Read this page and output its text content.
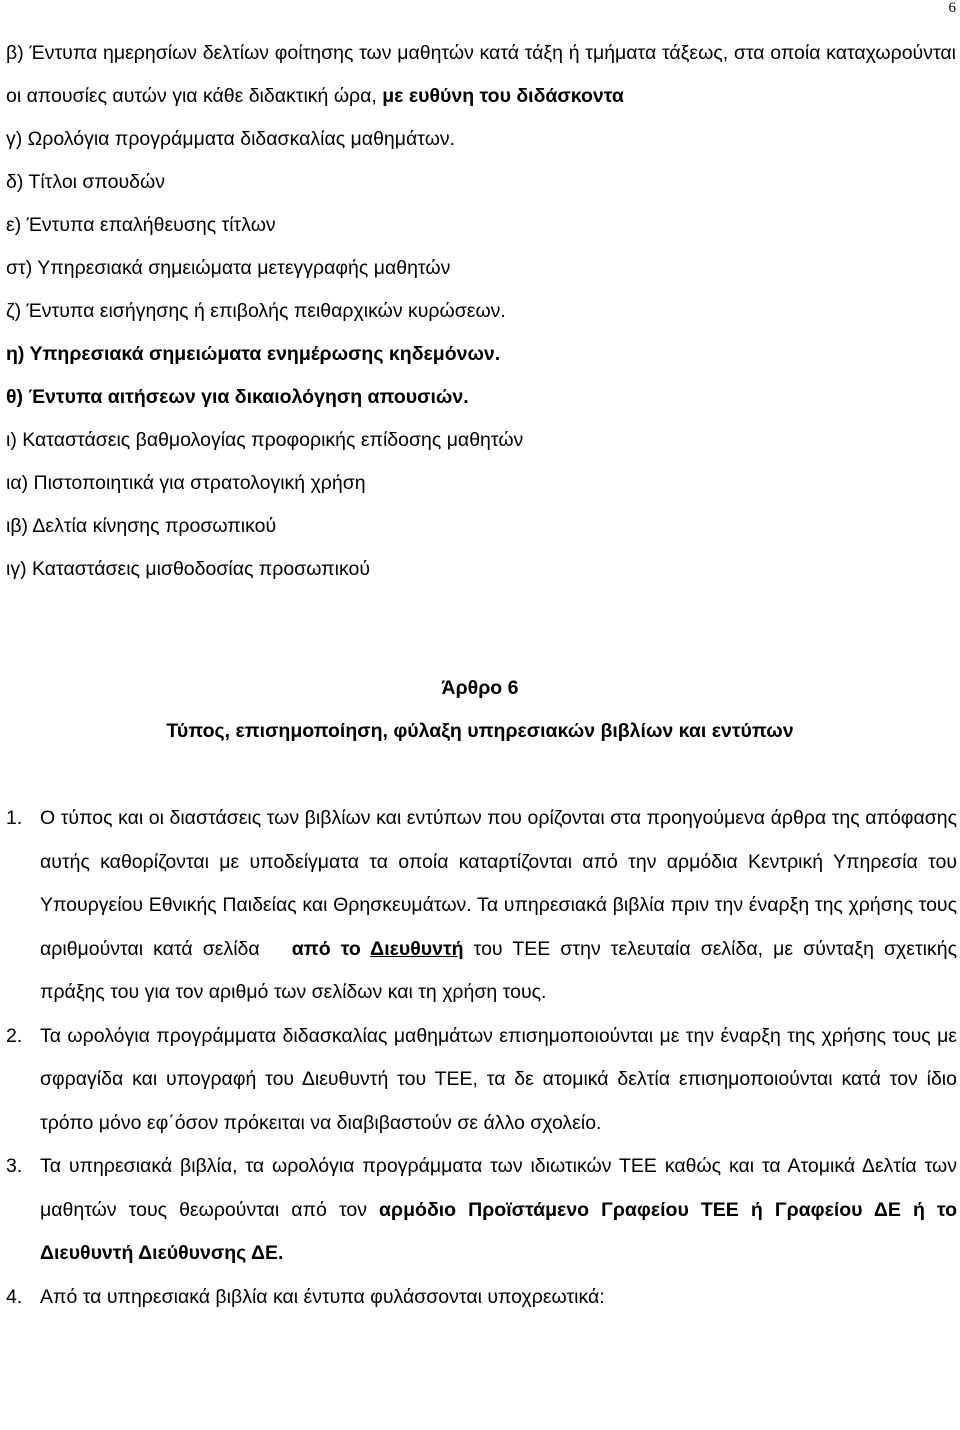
6
β) Έντυπα ημερησίων δελτίων φοίτησης των μαθητών κατά τάξη ή τμήματα τάξεως, στα οποία καταχωρούνται οι απουσίες αυτών για κάθε διδακτική ώρα, με ευθύνη του διδάσκοντα
γ) Ωρολόγια προγράμματα διδασκαλίας μαθημάτων.
δ) Τίτλοι σπουδών
ε) Έντυπα επαλήθευσης τίτλων
στ) Υπηρεσιακά σημειώματα μετεγγραφής μαθητών
ζ) Έντυπα εισήγησης ή επιβολής πειθαρχικών κυρώσεων.
η) Υπηρεσιακά σημειώματα ενημέρωσης κηδεμόνων.
θ) Έντυπα αιτήσεων για δικαιολόγηση απουσιών.
ι) Καταστάσεις βαθμολογίας προφορικής επίδοσης μαθητών
ια) Πιστοποιητικά για στρατολογική χρήση
ιβ) Δελτία κίνησης προσωπικού
ιγ) Καταστάσεις μισθοδοσίας προσωπικού
Άρθρο 6
Τύπος, επισημοποίηση, φύλαξη υπηρεσιακών βιβλίων και εντύπων
1. Ο τύπος και οι διαστάσεις των βιβλίων και εντύπων που ορίζονται στα προηγούμενα άρθρα της απόφασης αυτής καθορίζονται με υποδείγματα τα οποία καταρτίζονται από την αρμόδια Κεντρική Υπηρεσία του Υπουργείου Εθνικής Παιδείας και Θρησκευμάτων. Τα υπηρεσιακά βιβλία πριν την έναρξη της χρήσης τους αριθμούνται κατά σελίδα από το Διευθυντή του ΤΕΕ στην τελευταία σελίδα, με σύνταξη σχετικής πράξης του για τον αριθμό των σελίδων και τη χρήση τους.
2. Τα ωρολόγια προγράμματα διδασκαλίας μαθημάτων επισημοποιούνται με την έναρξη της χρήσης τους με σφραγίδα και υπογραφή του Διευθυντή του ΤΕΕ, τα δε ατομικά δελτία επισημοποιούνται κατά τον ίδιο τρόπο μόνο εφ΄όσον πρόκειται να διαβιβαστούν σε άλλο σχολείο.
3. Τα υπηρεσιακά βιβλία, τα ωρολόγια προγράμματα των ιδιωτικών ΤΕΕ καθώς και τα Ατομικά Δελτία των μαθητών τους θεωρούνται από τον αρμόδιο Προϊστάμενο Γραφείου ΤΕΕ ή Γραφείου ΔΕ ή το Διευθυντή Διεύθυνσης ΔΕ.
4. Από τα υπηρεσιακά βιβλία και έντυπα φυλάσσονται υποχρεωτικά:
